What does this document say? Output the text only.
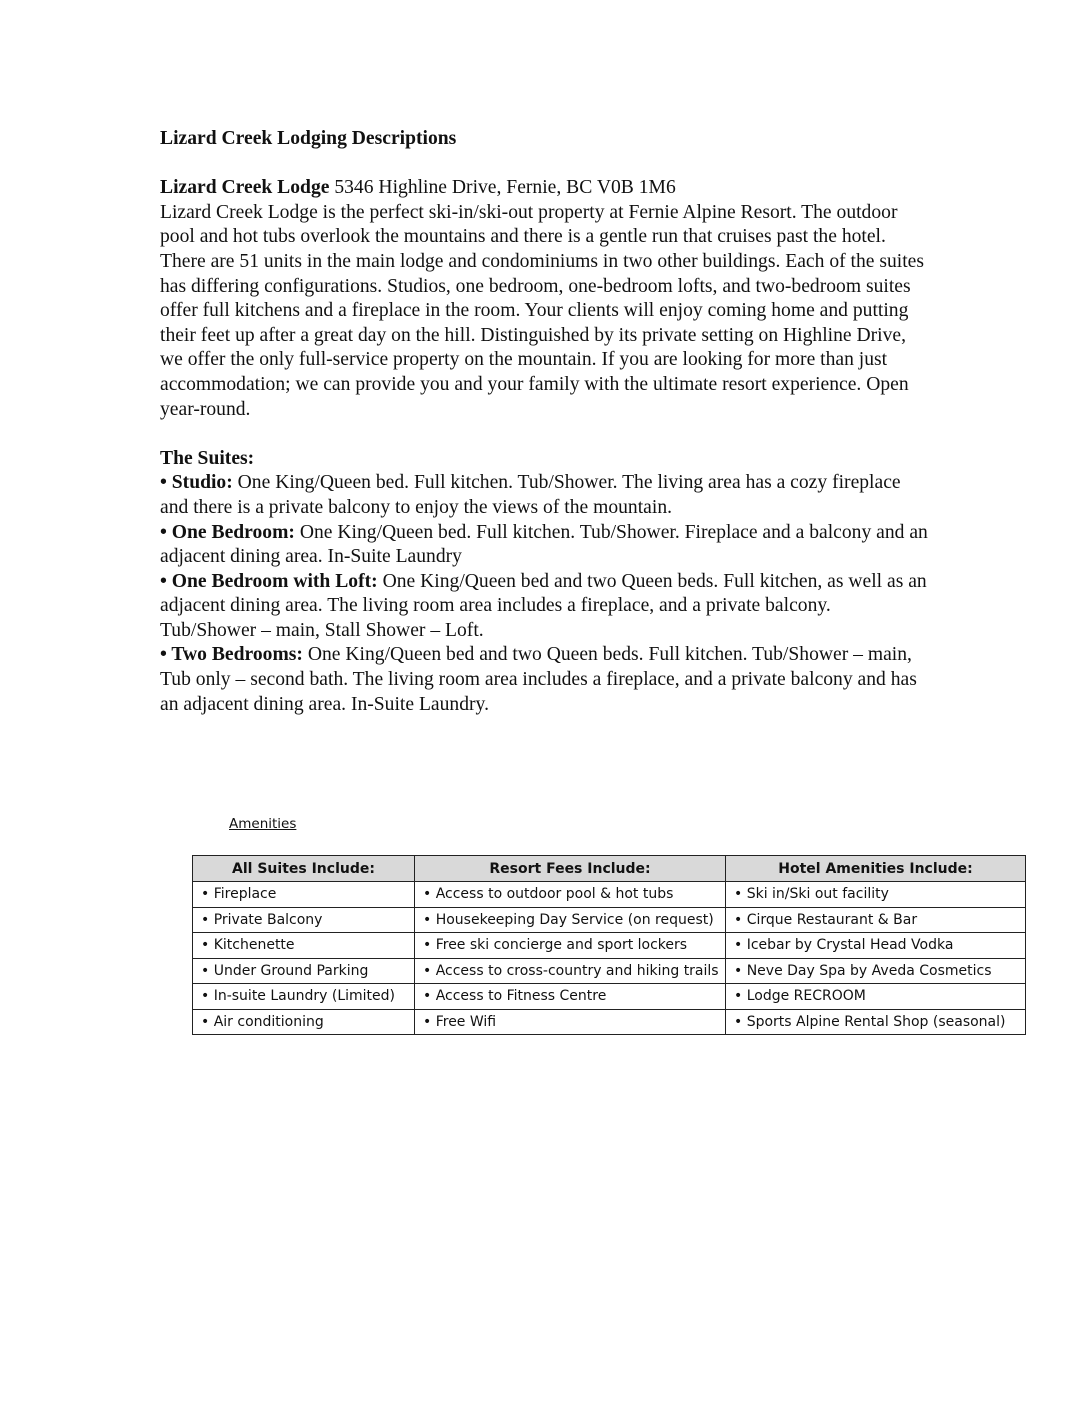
Lizard Creek Lodging Descriptions

Lizard Creek Lodge 5346 Highline Drive, Fernie, BC V0B 1M6

Lizard Creek Lodge is the perfect ski-in/ski-out property at Fernie Alpine Resort. The outdoor pool and hot tubs overlook the mountains and there is a gentle run that cruises past the hotel.

There are 51 units in the main lodge and condominiums in two other buildings. Each of the suites has differing configurations. Studios, one bedroom, one-bedroom lofts, and two-bedroom suites offer full kitchens and a fireplace in the room. Your clients will enjoy coming home and putting their feet up after a great day on the hill. Distinguished by its private setting on Highline Drive, we offer the only full-service property on the mountain. If you are looking for more than just accommodation; we can provide you and your family with the ultimate resort experience. Open year-round.

The Suites:

• Studio: One King/Queen bed. Full kitchen. Tub/Shower. The living area has a cozy fireplace and there is a private balcony to enjoy the views of the mountain.

• One Bedroom: One King/Queen bed. Full kitchen. Tub/Shower. Fireplace and a balcony and an adjacent dining area. In-Suite Laundry

• One Bedroom with Loft: One King/Queen bed and two Queen beds. Full kitchen, as well as an adjacent dining area. The living room area includes a fireplace, and a private balcony. Tub/Shower – main, Stall Shower – Loft.

• Two Bedrooms: One King/Queen bed and two Queen beds. Full kitchen. Tub/Shower – main, Tub only – second bath. The living room area includes a fireplace, and a private balcony and has an adjacent dining area. In-Suite Laundry.

Amenities
All Suites Include:	Resort Fees Include:	Hotel Amenities Include:
• Fireplace	• Access to outdoor pool & hot tubs	• Ski in/Ski out facility
• Private Balcony	• Housekeeping Day Service (on request)	• Cirque Restaurant & Bar
• Kitchenette	• Free ski concierge and sport lockers	• Icebar by Crystal Head Vodka
• Under Ground Parking	• Access to cross-country and hiking trails	• Neve Day Spa by Aveda Cosmetics
• In-suite Laundry (Limited)	• Access to Fitness Centre	• Lodge RECROOM
• Air conditioning	• Free Wifi	• Sports Alpine Rental Shop (seasonal)
